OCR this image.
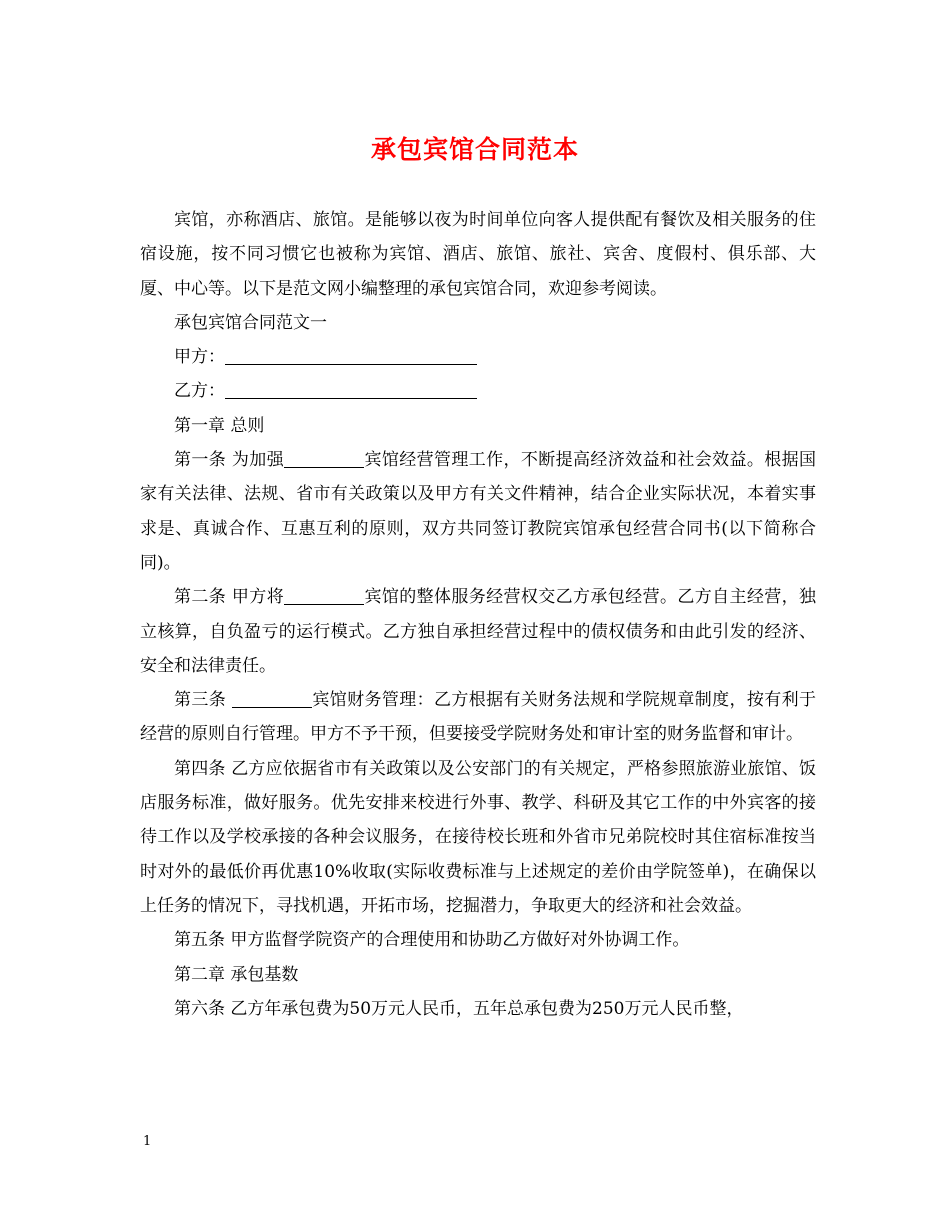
承包宾馆合同范本

宾馆，亦称酒店、旅馆。是能够以夜为时间单位向客人提供配有餐饮及相关服务的住宿设施，按不同习惯它也被称为宾馆、酒店、旅馆、旅社、宾舍、度假村、俱乐部、大厦、中心等。以下是范文网小编整理的承包宾馆合同，欢迎参考阅读。

承包宾馆合同范文一

甲方：

乙方：

第一章 总则

第一条 为加强	宾馆经营管理工作，不断提高经济效益和社会效益。根据国家有关法律、法规、省市有关政策以及甲方有关文件精神，结合企业实际状况，本着实事求是、真诚合作、互惠互利的原则，双方共同签订教院宾馆承包经营合同书(以下简称合同)。

第二条 甲方将	宾馆的整体服务经营权交乙方承包经营。乙方自主经营，独立核算，自负盈亏的运行模式。乙方独自承担经营过程中的债权债务和由此引发的经济、安全和法律责任。

第三条	宾馆财务管理：乙方根据有关财务法规和学院规章制度，按有利于经营的原则自行管理。甲方不予干预，但要接受学院财务处和审计室的财务监督和审计。

第四条 乙方应依据省市有关政策以及公安部门的有关规定，严格参照旅游业旅馆、饭店服务标准，做好服务。优先安排来校进行外事、教学、科研及其它工作的中外宾客的接待工作以及学校承接的各种会议服务，在接待校长班和外省市兄弟院校时其住宿标准按当时对外的最低价再优惠10%收取(实际收费标准与上述规定的差价由学院签单)，在确保以上任务的情况下，寻找机遇，开拓市场，挖掘潜力，争取更大的经济和社会效益。

第五条 甲方监督学院资产的合理使用和协助乙方做好对外协调工作。

第二章 承包基数

第六条 乙方年承包费为50万元人民币，五年总承包费为250万元人民币整，

1
